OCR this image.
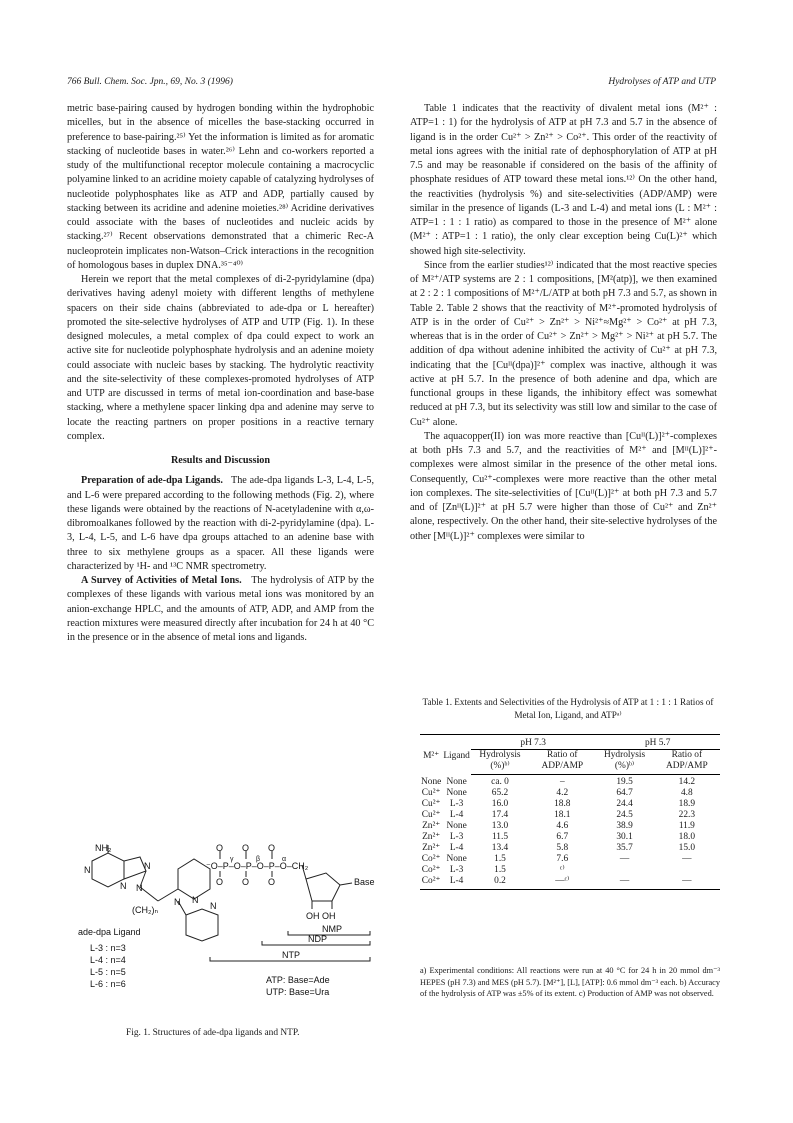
766 Bull. Chem. Soc. Jpn., 69, No. 3 (1996)	Hydrolyses of ATP and UTP

metric base-pairing caused by hydrogen bonding within the hydrophobic micelles, but in the absence of micelles the base-stacking occurred in preference to base-pairing.²⁵⁾ Yet the information is limited as for aromatic stacking of nucleotide bases in water.²⁶⁾ Lehn and co-workers reported a study of the multifunctional receptor molecule containing a macrocyclic polyamine linked to an acridine moiety capable of catalyzing hydrolyses of nucleotide polyphosphates like as ATP and ADP, partially caused by stacking between its acridine and adenine moieties.²⁸⁾ Acridine derivatives could associate with the bases of nucleotides and nucleic acids by stacking.²⁷⁾ Recent observations demonstrated that a chimeric Rec-A nucleoprotein implicates non-Watson–Crick interactions in the recognition of homologous bases in duplex DNA.³⁵⁻⁴⁰⁾

Herein we report that the metal complexes of di-2-pyridylamine (dpa) derivatives having adenyl moiety with different lengths of methylene spacers on their side chains (abbreviated to ade-dpa or L hereafter) promoted the site-selective hydrolyses of ATP and UTP (Fig. 1). In these designed molecules, a metal complex of dpa could expect to work an active site for nucleotide polyphosphate hydrolysis and an adenine moiety could associate with nucleic bases by stacking. The hydrolytic reactivity and the site-selectivity of these complexes-promoted hydrolyses of ATP and UTP are discussed in terms of metal ion-coordination and base-base stacking, where a methylene spacer linking dpa and adenine may serve to locate the reacting partners on proper positions in a reactive ternary complex.

Results and Discussion

Preparation of ade-dpa Ligands. The ade-dpa ligands L-3, L-4, L-5, and L-6 were prepared according to the following methods (Fig. 2), where these ligands were obtained by the reactions of N-acetyladenine with α,ω-dibromoalkanes followed by the reaction with di-2-pyridylamine (dpa). L-3, L-4, L-5, and L-6 have dpa groups attached to an adenine base with three to six methylene groups as a spacer. All these ligands were characterized by ¹H- and ¹³C NMR spectrometry.

A Survey of Activities of Metal Ions. The hydrolysis of ATP by the complexes of these ligands with various metal ions was monitored by an anion-exchange HPLC, and the amounts of ATP, ADP, and AMP from the reaction mixtures were measured directly after incubation for 24 h at 40 °C in the presence or in the absence of metal ions and ligands.

Table 1 indicates that the reactivity of divalent metal ions (M²⁺ : ATP=1 : 1) for the hydrolysis of ATP at pH 7.3 and 5.7 in the absence of ligand is in the order Cu²⁺ > Zn²⁺ > Co²⁺. This order of the reactivity of metal ions agrees with the initial rate of dephosphorylation of ATP at pH 7.5 and may be reasonable if considered on the basis of the affinity of phosphate residues of ATP toward these metal ions.¹²⁾ On the other hand, the reactivities (hydrolysis %) and site-selectivities (ADP/AMP) were similar in the presence of ligands (L-3 and L-4) and metal ions (L : M²⁺ : ATP=1 : 1 : 1 ratio) as compared to those in the presence of M²⁺ alone (M²⁺ : ATP=1 : 1 ratio), the only clear exception being Cu(L)²⁺ which showed high site-selectivity.

Since from the earlier studies¹²⁾ indicated that the most reactive species of M²⁺/ATP systems are 2 : 1 compositions, [M²(atp)], we then examined at 2 : 2 : 1 compositions of M²⁺/L/ATP at both pH 7.3 and 5.7, as shown in Table 2. Table 2 shows that the reactivity of M²⁺-promoted hydrolysis of ATP is in the order of Cu²⁺ > Zn²⁺ > Ni²⁺≈Mg²⁺ > Co²⁺ at pH 7.3, whereas that is in the order of Cu²⁺ > Zn²⁺ > Mg²⁺ > Ni²⁺ at pH 5.7. The addition of dpa without adenine inhibited the activity of Cu²⁺ at pH 7.3, indicating that the [Cuᴵᴵ(dpa)]²⁺ complex was inactive, although it was active at pH 5.7. In the presence of both adenine and dpa, which are functional groups in these ligands, the inhibitory effect was somewhat reduced at pH 7.3, but its selectivity was still low and similar to the case of Cu²⁺ alone.

The aquacopper(II) ion was more reactive than [Cuᴵᴵ(L)]²⁺-complexes at both pHs 7.3 and 5.7, and the reactivities of M²⁺ and [Mᴵᴵ(L)]²⁺-complexes were almost similar in the presence of the other metal ions. Consequently, Cu²⁺-complexes were more reactive than the other metal ion complexes. The site-selectivities of [Cuᴵᴵ(L)]²⁺ at both pH 7.3 and 5.7 and of [Znᴵᴵ(L)]²⁺ at pH 5.7 were higher than those of Cu²⁺ and Zn²⁺ alone, respectively. On the other hand, their site-selective hydrolyses of the other [Mᴵᴵ(L)]²⁺ complexes were similar to

NH₂
N	N
N N
(CH₂)ₙ
N N
N
ade-dpa Ligand
L-3 : n=3
L-4 : n=4
L-5 : n=5
L-6 : n=6
O O O
⁻O–P–O–P–O–P–O–CH₂
O O O
γ	β	α
Base
OH OH
NMP
NDP
NTP
ATP: Base=Ade
UTP: Base=Ura
Fig. 1. Structures of ade-dpa ligands and NTP.
Table 1. Extents and Selectivities of the Hydrolysis of ATP at 1 : 1 : 1 Ratios of Metal Ion, Ligand, and ATPᵃ⁾
M²⁺	Ligand	pH 7.3		pH 5.7	
		Hydrolysis (%)ᵇ⁾	Ratio of ADP/AMP	Hydrolysis (%)ᵇ⁾	Ratio of ADP/AMP
None	None	ca. 0	–	19.5	14.2
Cu²⁺	None	65.2	4.2	64.7	4.8
Cu²⁺	L-3	16.0	18.8	24.4	18.9
Cu²⁺	L-4	17.4	18.1	24.5	22.3
Zn²⁺	None	13.0	4.6	38.9	11.9
Zn²⁺	L-3	11.5	6.7	30.1	18.0
Zn²⁺	L-4	13.4	5.8	35.7	15.0
Co²⁺	None	1.5	7.6	—	—
Co²⁺	L-3	1.5	ᶜ⁾		
Co²⁺	L-4	0.2	—ᶜ⁾	—	—
a) Experimental conditions: All reactions were run at 40 °C for 24 h in 20 mmol dm⁻³ HEPES (pH 7.3) and MES (pH 5.7). [M²⁺], [L], [ATP]: 0.6 mmol dm⁻³ each. b) Accuracy of the hydrolysis of ATP was ±5% of its extent. c) Production of AMP was not observed.
